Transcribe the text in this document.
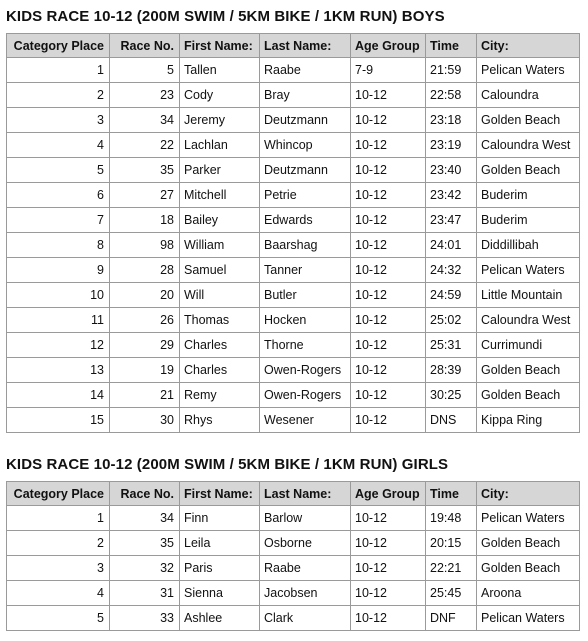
KIDS RACE 10-12 (200M SWIM / 5KM BIKE / 1KM RUN) BOYS
Category Place	Race No.	First Name:	Last Name:	Age Group	Time	City:
1	5	Tallen	Raabe	7-9	21:59	Pelican Waters
2	23	Cody	Bray	10-12	22:58	Caloundra
3	34	Jeremy	Deutzmann	10-12	23:18	Golden Beach
4	22	Lachlan	Whincop	10-12	23:19	Caloundra West
5	35	Parker	Deutzmann	10-12	23:40	Golden Beach
6	27	Mitchell	Petrie	10-12	23:42	Buderim
7	18	Bailey	Edwards	10-12	23:47	Buderim
8	98	William	Baarshag	10-12	24:01	Diddillibah
9	28	Samuel	Tanner	10-12	24:32	Pelican Waters
10	20	Will	Butler	10-12	24:59	Little Mountain
11	26	Thomas	Hocken	10-12	25:02	Caloundra West
12	29	Charles	Thorne	10-12	25:31	Currimundi
13	19	Charles	Owen-Rogers	10-12	28:39	Golden Beach
14	21	Remy	Owen-Rogers	10-12	30:25	Golden Beach
15	30	Rhys	Wesener	10-12	DNS	Kippa Ring
KIDS RACE 10-12 (200M SWIM / 5KM BIKE / 1KM RUN) GIRLS
Category Place	Race No.	First Name:	Last Name:	Age Group	Time	City:
1	34	Finn	Barlow	10-12	19:48	Pelican Waters
2	35	Leila	Osborne	10-12	20:15	Golden Beach
3	32	Paris	Raabe	10-12	22:21	Golden Beach
4	31	Sienna	Jacobsen	10-12	25:45	Aroona
5	33	Ashlee	Clark	10-12	DNF	Pelican Waters
